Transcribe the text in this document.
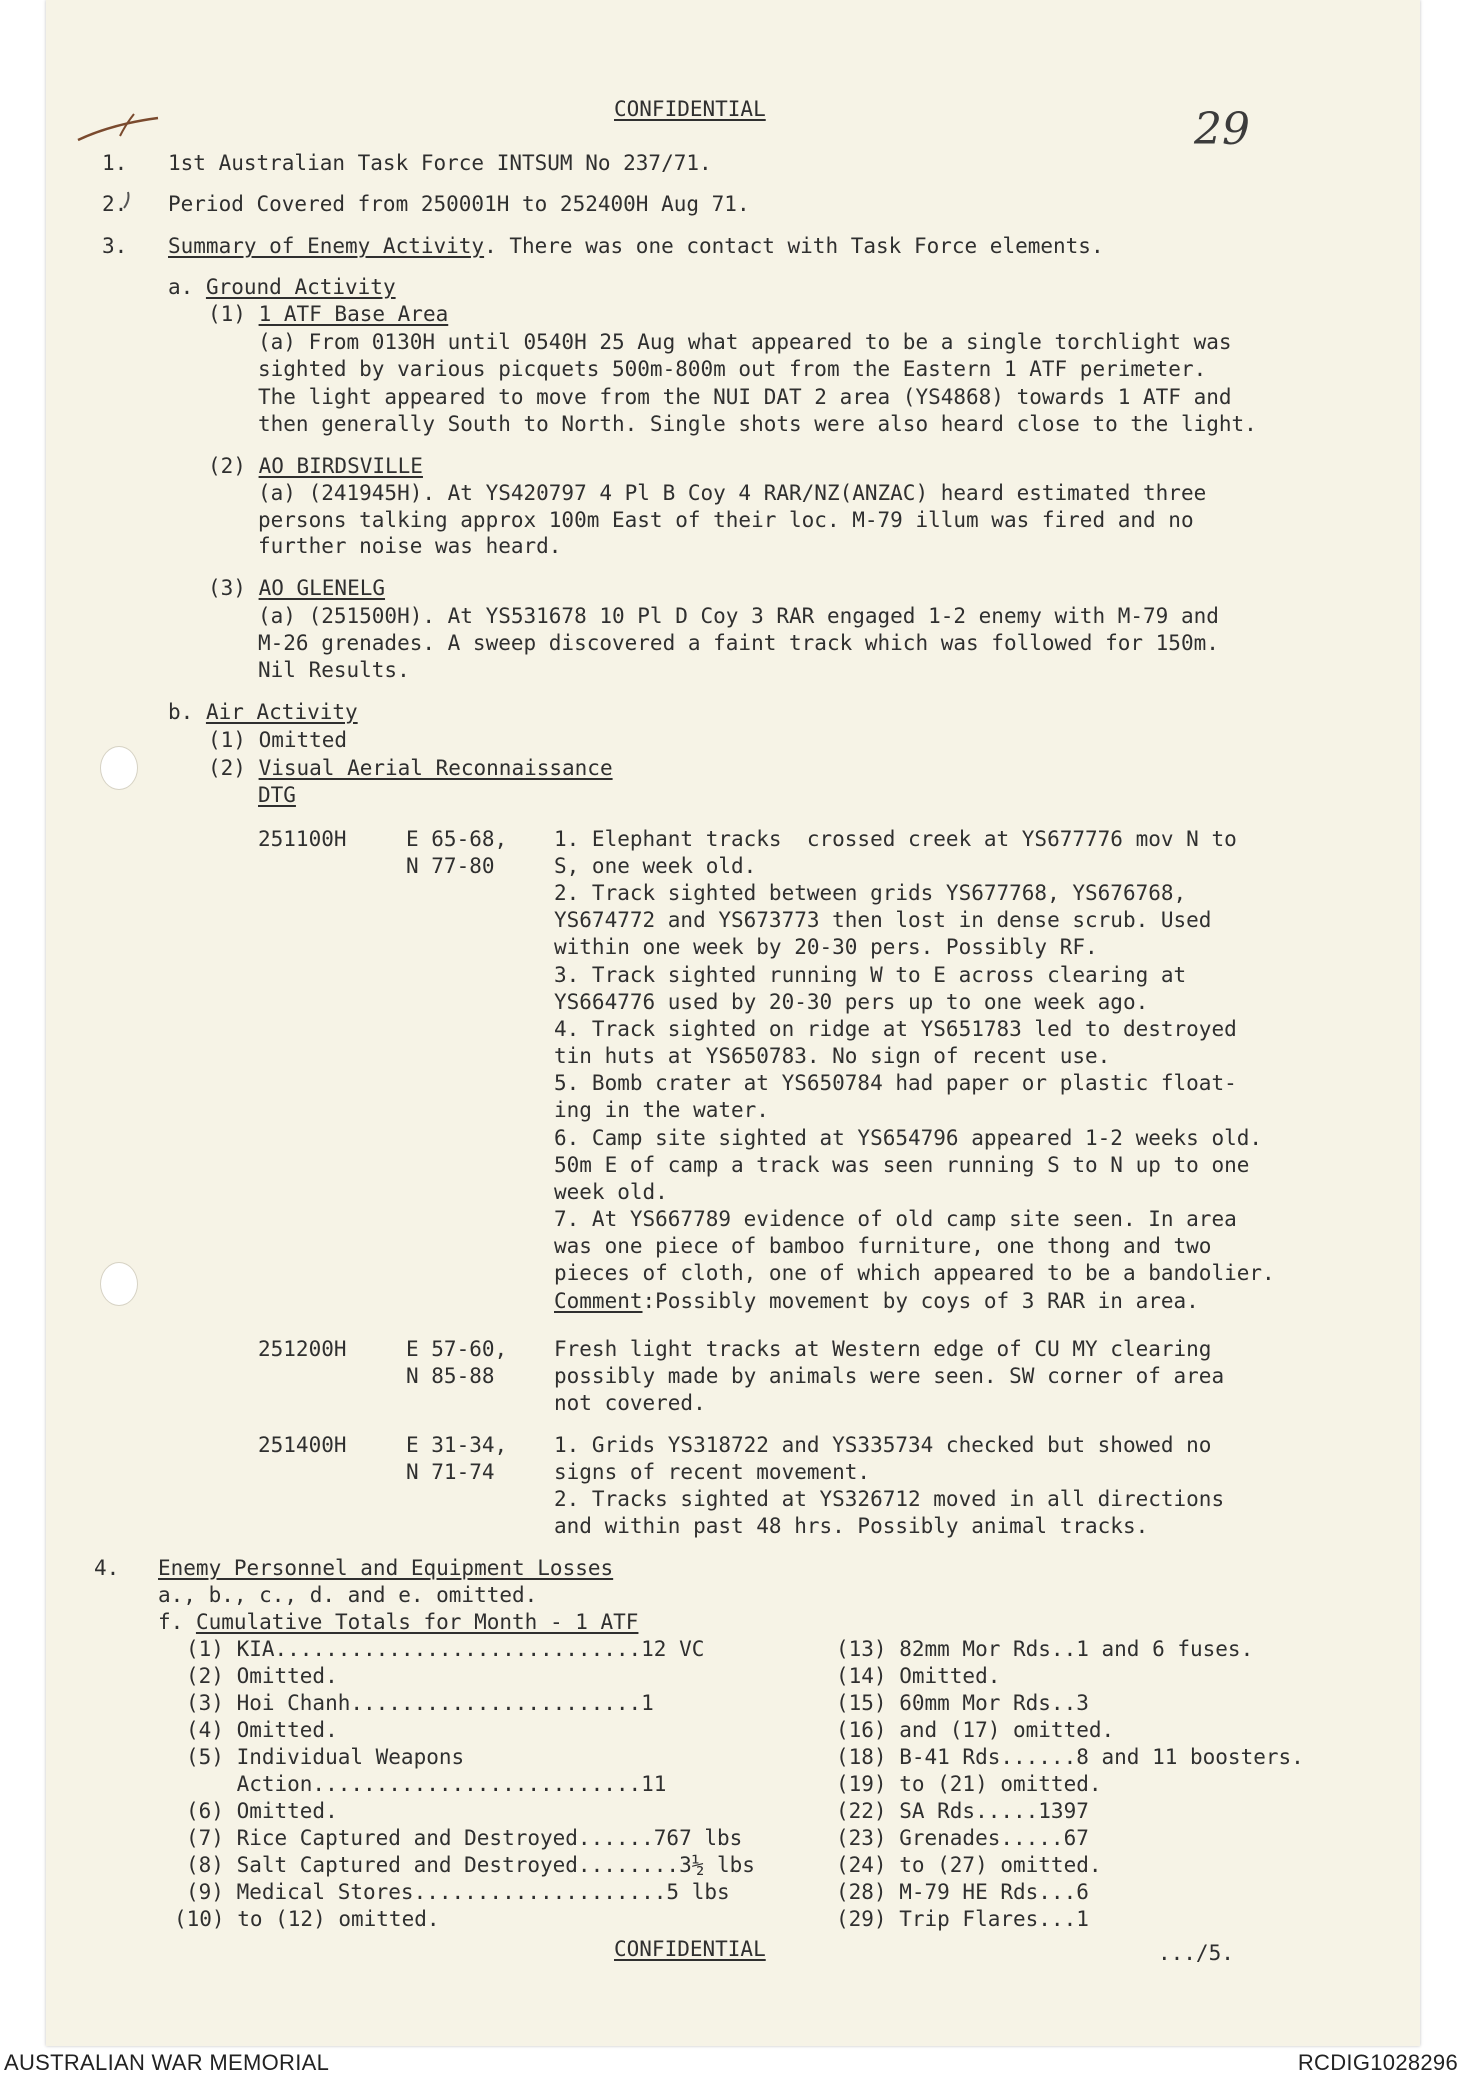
29
CONFIDENTIAL
1. 1st Australian Task Force INTSUM No 237/71.
2. Period Covered from 250001H to 252400H Aug 71.
3. Summary of Enemy Activity. There was one contact with Task Force elements.
a. Ground Activity
(1) 1 ATF Base Area
(a) From 0130H until 0540H 25 Aug what appeared to be a single torchlight was
sighted by various picquets 500m-800m out from the Eastern 1 ATF perimeter.
The light appeared to move from the NUI DAT 2 area (YS4868) towards 1 ATF and
then generally South to North. Single shots were also heard close to the light.
(2) AO BIRDSVILLE
(a) (241945H). At YS420797 4 Pl B Coy 4 RAR/NZ(ANZAC) heard estimated three
persons talking approx 100m East of their loc. M-79 illum was fired and no
further noise was heard.
(3) AO GLENELG
(a) (251500H). At YS531678 10 Pl D Coy 3 RAR engaged 1-2 enemy with M-79 and
M-26 grenades. A sweep discovered a faint track which was followed for 150m.
Nil Results.
b. Air Activity
(1) Omitted
(2) Visual Aerial Reconnaissance
DTG
251100H	E 65-68,
N 77-80
1. Elephant tracks  crossed creek at YS677776 mov N to
S, one week old.
2. Track sighted between grids YS677768, YS676768,
YS674772 and YS673773 then lost in dense scrub. Used
within one week by 20-30 pers. Possibly RF.
3. Track sighted running W to E across clearing at
YS664776 used by 20-30 pers up to one week ago.
4. Track sighted on ridge at YS651783 led to destroyed
tin huts at YS650783. No sign of recent use.
5. Bomb crater at YS650784 had paper or plastic float-
ing in the water.
6. Camp site sighted at YS654796 appeared 1-2 weeks old.
50m E of camp a track was seen running S to N up to one
week old.
7. At YS667789 evidence of old camp site seen. In area
was one piece of bamboo furniture, one thong and two
pieces of cloth, one of which appeared to be a bandolier.
Comment:Possibly movement by coys of 3 RAR in area.
251200H	E 57-60,
N 85-88
Fresh light tracks at Western edge of CU MY clearing
possibly made by animals were seen. SW corner of area
not covered.
251400H	E 31-34,
N 71-74
1. Grids YS318722 and YS335734 checked but showed no
signs of recent movement.
2. Tracks sighted at YS326712 moved in all directions
and within past 48 hrs. Possibly animal tracks.
4. Enemy Personnel and Equipment Losses
a., b., c., d. and e. omitted.
f. Cumulative Totals for Month - 1 ATF
(1) KIA.............................12 VC
(2) Omitted.
(3) Hoi Chanh.......................1
(4) Omitted.
(5) Individual Weapons
Action..........................11
(6) Omitted.
(7) Rice Captured and Destroyed......767 lbs
(8) Salt Captured and Destroyed........3½ lbs
(9) Medical Stores....................5 lbs
(10) to (12) omitted.
(13) 82mm Mor Rds..1 and 6 fuses.
(14) Omitted.
(15) 60mm Mor Rds..3
(16) and (17) omitted.
(18) B-41 Rds......8 and 11 boosters.
(19) to (21) omitted.
(22) SA Rds.....1397
(23) Grenades.....67
(24) to (27) omitted.
(28) M-79 HE Rds...6
(29) Trip Flares...1
CONFIDENTIAL	.../5.
AUSTRALIAN WAR MEMORIAL	RCDIG1028296
